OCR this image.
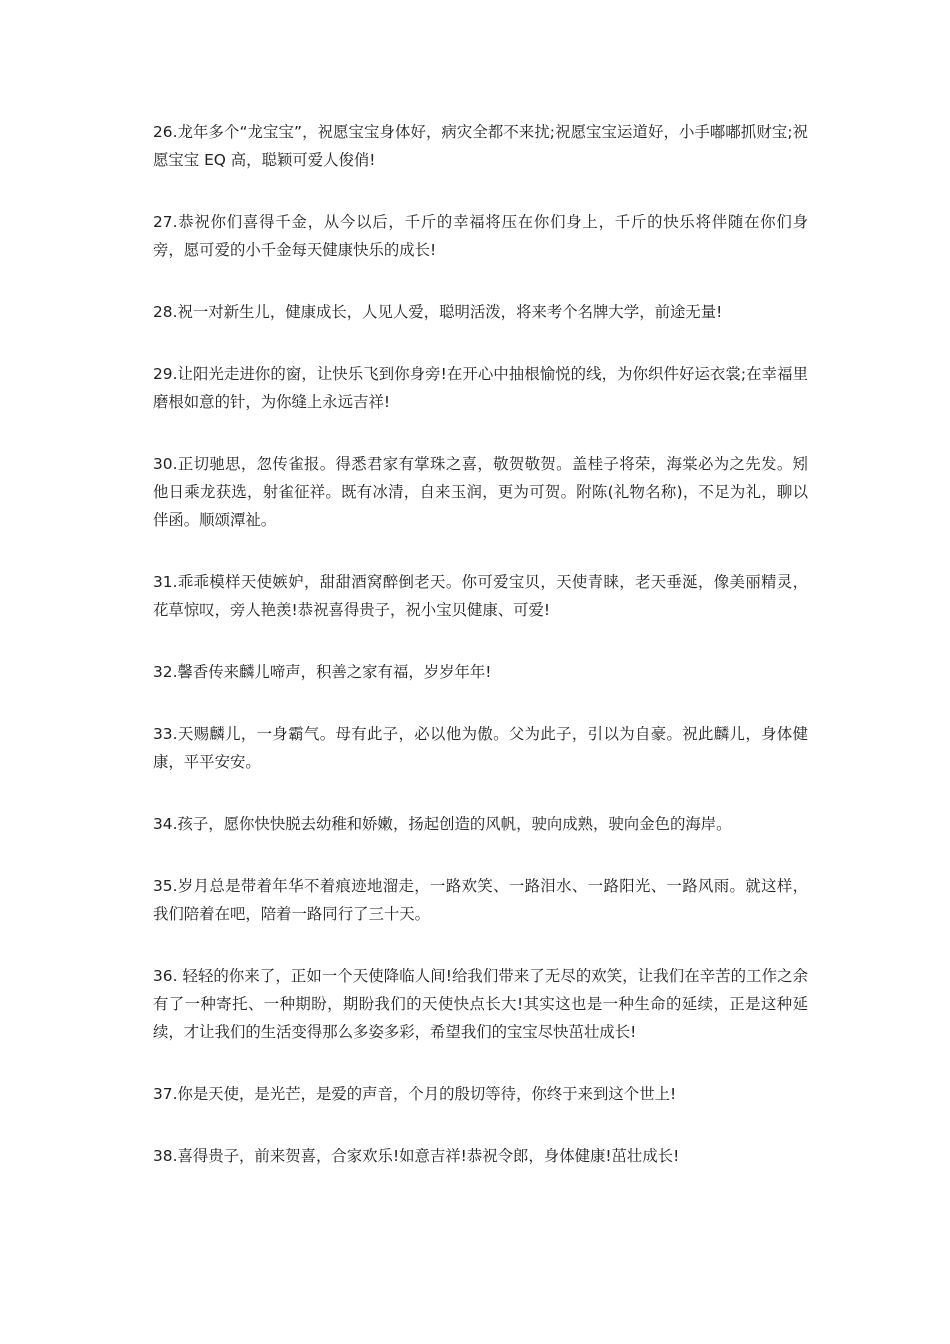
26.龙年多个“龙宝宝”，祝愿宝宝身体好，病灾全都不来扰;祝愿宝宝运道好，小手嘟嘟抓财宝;祝愿宝宝 EQ 高，聪颖可爱人俊俏!

27.恭祝你们喜得千金，从今以后，千斤的幸福将压在你们身上，千斤的快乐将伴随在你们身旁，愿可爱的小千金每天健康快乐的成长!

28.祝一对新生儿，健康成长，人见人爱，聪明活泼，将来考个名牌大学，前途无量!

29.让阳光走进你的窗，让快乐飞到你身旁!在开心中抽根愉悦的线，为你织件好运衣裳;在幸福里磨根如意的针，为你缝上永远吉祥!

30.正切驰思，忽传雀报。得悉君家有掌珠之喜，敬贺敬贺。盖桂子将荣，海棠必为之先发。矧他日乘龙获选，射雀征祥。既有冰清，自来玉润，更为可贺。附陈(礼物名称)，不足为礼，聊以伴函。顺颂潭祉。

31.乖乖模样天使嫉妒，甜甜酒窝醉倒老天。你可爱宝贝，天使青睐，老天垂涎，像美丽精灵，花草惊叹，旁人艳羡!恭祝喜得贵子，祝小宝贝健康、可爱!

32.馨香传来麟儿啼声，积善之家有福，岁岁年年!

33.天赐麟儿，一身霸气。母有此子，必以他为傲。父为此子，引以为自豪。祝此麟儿，身体健康，平平安安。

34.孩子，愿你快快脱去幼稚和娇嫩，扬起创造的风帆，驶向成熟，驶向金色的海岸。

35.岁月总是带着年华不着痕迹地溜走，一路欢笑、一路泪水、一路阳光、一路风雨。就这样，我们陪着在吧，陪着一路同行了三十天。

36. 轻轻的你来了，正如一个天使降临人间!给我们带来了无尽的欢笑，让我们在辛苦的工作之余有了一种寄托、一种期盼，期盼我们的天使快点长大!其实这也是一种生命的延续，正是这种延续，才让我们的生活变得那么多姿多彩，希望我们的宝宝尽快茁壮成长!

37.你是天使，是光芒，是爱的声音，个月的殷切等待，你终于来到这个世上!

38.喜得贵子，前来贺喜，合家欢乐!如意吉祥!恭祝令郎，身体健康!茁壮成长!
